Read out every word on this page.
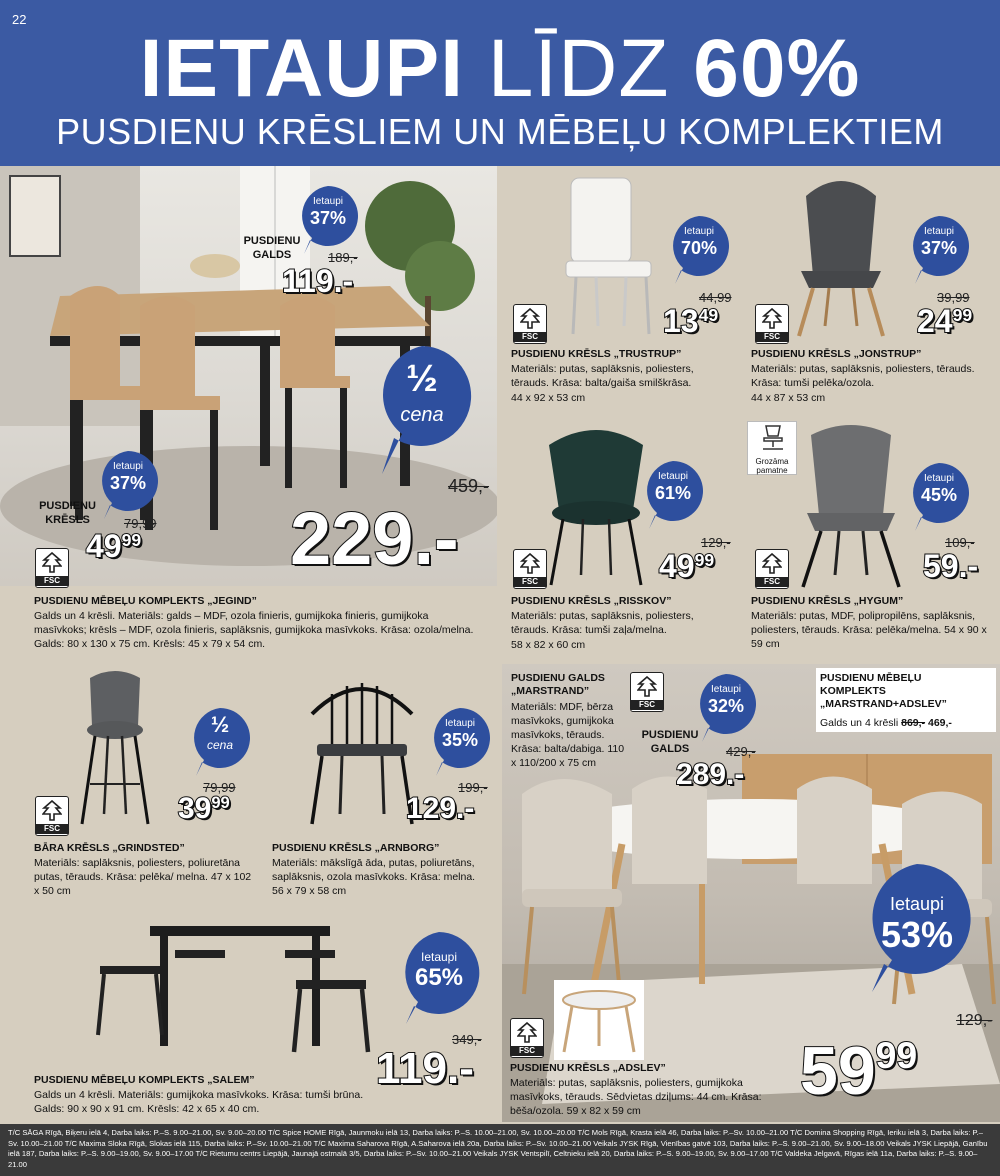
22
IETAUPI LĪDZ 60%
PUSDIENU KRĒSLIEM UN MĒBEĻU KOMPLEKTIEM
Ietaupi
37%
PUSDIENU GALDS	189,-
119.-
½
cena
Ietaupi
37%
PUSDIENU KRĒSLS	79,99
$49^{99}$
459,-
229.-
FSC
PUSDIENU MĒBEĻU KOMPLEKTS „JEGIND”
Galds un 4 krēsli. Materiāls: galds – MDF, ozola finieris, gumijkoka finieris, gumijkoka masīvkoks; krēsls – MDF, ozola finieris, saplāksnis, gumijkoka masīvkoks. Krāsa: ozola/melna. Galds: 80 x 130 x 75 cm. Krēsls: 45 x 79 x 54 cm.
Ietaupi
70%
FSC
44,99
$13^{49}$
PUSDIENU KRĒSLS „TRUSTRUP”
Materiāls: putas, saplāksnis, poliesters, tērauds. Krāsa: balta/gaiša smilškrāsa.
44 x 92 x 53 cm
Ietaupi
37%
FSC
39,99
$24^{99}$
PUSDIENU KRĒSLS „JONSTRUP”
Materiāls: putas, saplāksnis, poliesters, tērauds. Krāsa: tumši pelēka/ozola.
44 x 87 x 53 cm
Ietaupi
61%
FSC
129,-
$49^{99}$
PUSDIENU KRĒSLS „RISSKOV”
Materiāls: putas, saplāksnis, poliesters, tērauds. Krāsa: tumši zaļa/melna.
58 x 82 x 60 cm
Grozāma pamatne
Ietaupi
45%
FSC
109,-
59.-
PUSDIENU KRĒSLS „HYGUM”
Materiāls: putas, MDF, polipropilēns, saplāksnis, poliesters, tērauds. Krāsa: pelēka/melna. 54 x 90 x 59 cm
½
cena
FSC
79,99
$39^{99}$
BĀRA KRĒSLS „GRINDSTED”
Materiāls: saplāksnis, poliesters, poliuretāna putas, tērauds. Krāsa: pelēka/ melna. 47 x 102 x 50 cm
Ietaupi
35%
199,-
129.-
PUSDIENU KRĒSLS „ARNBORG”
Materiāls: mākslīgā āda, putas, poliuretāns, saplāksnis, ozola masīvkoks. Krāsa: melna. 56 x 79 x 58 cm
Ietaupi
65%
349,-
119.-
PUSDIENU MĒBEĻU KOMPLEKTS „SALEM”
Galds un 4 krēsli. Materiāls: gumijkoka masīvkoks. Krāsa: tumši brūna. Galds: 90 x 90 x 91 cm. Krēsls: 42 x 65 x 40 cm.
PUSDIENU GALDS „MARSTRAND”
Materiāls: MDF, bērza masīvkoks, gumijkoka masīvkoks, tērauds. Krāsa: balta/dabiga. 110 x 110/200 x 75 cm
FSC
Ietaupi
32%
PUSDIENU GALDS	429,-
289.-
PUSDIENU MĒBEĻU KOMPLEKTS „MARSTRAND+ADSLEV”
Galds un 4 krēsli 869,- 469,-
Ietaupi
53%
FSC
129,-
$59^{99}$
PUSDIENU KRĒSLS „ADSLEV”
Materiāls: putas, saplāksnis, poliesters, gumijkoka masīvkoks, tērauds. Sēdvietas dziļums: 44 cm. Krāsa: bēša/ozola. 59 x 82 x 59 cm
T/C SĀGA Rīgā, Biķeru ielā 4, Darba laiks: P.–S. 9.00–21.00, Sv. 9.00–20.00 T/C Spice HOME Rīgā, Jaunmoku ielā 13, Darba laiks: P.–S. 10.00–21.00, Sv. 10.00–20.00 T/C Mols Rīgā, Krasta ielā 46, Darba laiks: P.–Sv. 10.00–21.00 T/C Domina Shopping Rīgā, Ieriku ielā 3, Darba laiks: P.–Sv. 10.00–21.00 T/C Maxima Sloka Rīgā, Slokas ielā 115, Darba laiks: P.–Sv. 10.00–21.00 T/C Maxima Saharova Rīgā, A.Saharova ielā 20a, Darba laiks: P.–Sv. 10.00–21.00 Veikals JYSK Rīgā, Vienības gatvē 103, Darba laiks: P.–S. 9.00–21.00, Sv. 9.00–18.00 Veikals JYSK Liepājā, Ganību ielā 187, Darba laiks: P.–S. 9.00–19.00, Sv. 9.00–17.00 T/C Rietumu centrs Liepājā, Jaunajā ostmalā 3/5, Darba laiks: P.–Sv. 10.00–21.00 Veikals JYSK Ventspilī, Celtnieku ielā 20, Darba laiks: P.–S. 9.00–19.00, Sv. 9.00–17.00 T/C Valdeka Jelgavā, Rīgas ielā 11a, Darba laiks: P.–S. 9.00–21.00
